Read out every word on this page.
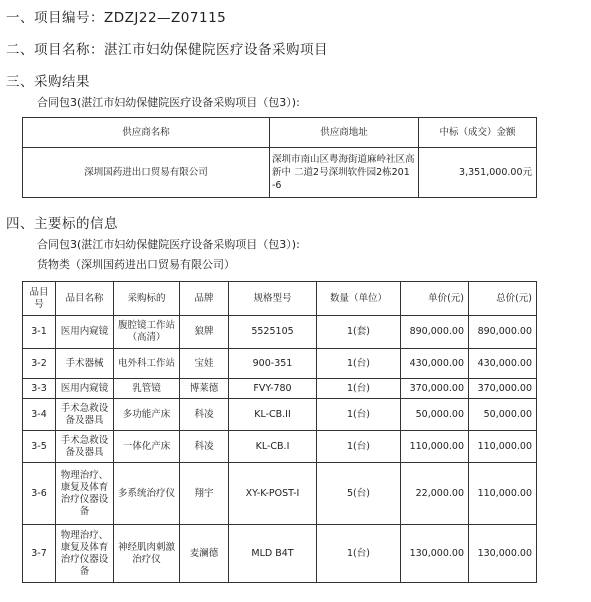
一、项目编号：ZDZJ22—Z07115
二、项目名称：湛江市妇幼保健院医疗设备采购项目
三、采购结果
合同包3(湛江市妇幼保健院医疗设备采购项目（包3）):
供应商名称	供应商地址	中标（成交）金额
深圳国药进出口贸易有限公司	深圳市南山区粤海街道麻岭社区高新中 二道2号深圳软件园2栋201 -6	3,351,000.00元
四、主要标的信息
合同包3(湛江市妇幼保健院医疗设备采购项目（包3）):
货物类（深圳国药进出口贸易有限公司）
品目号	品目名称	采购标的	品牌	规格型号	数量（单位）	单价(元)	总价(元)
3-1	医用内窥镜	腹腔镜工作站（高清）	狼牌	5525105	1(套)	890,000.00	890,000.00
3-2	手术器械	电外科工作站	宝娃	900-351	1(台)	430,000.00	430,000.00
3-3	医用内窥镜	乳管镜	博莱德	FVY-780	1(台)	370,000.00	370,000.00
3-4	手术急救设备及器具	多功能产床	科凌	KL-CB.II	1(台)	50,000.00	50,000.00
3-5	手术急救设备及器具	一体化产床	科凌	KL-CB.I	1(台)	110,000.00	110,000.00
3-6	物理治疗、康复及体育治疗仪器设备	多系统治疗仪	翔宇	XY-K-POST-I	5(台)	22,000.00	110,000.00
3-7	物理治疗、康复及体育治疗仪器设备	神经肌肉刺激治疗仪	麦澜德	MLD B4T	1(台)	130,000.00	130,000.00
